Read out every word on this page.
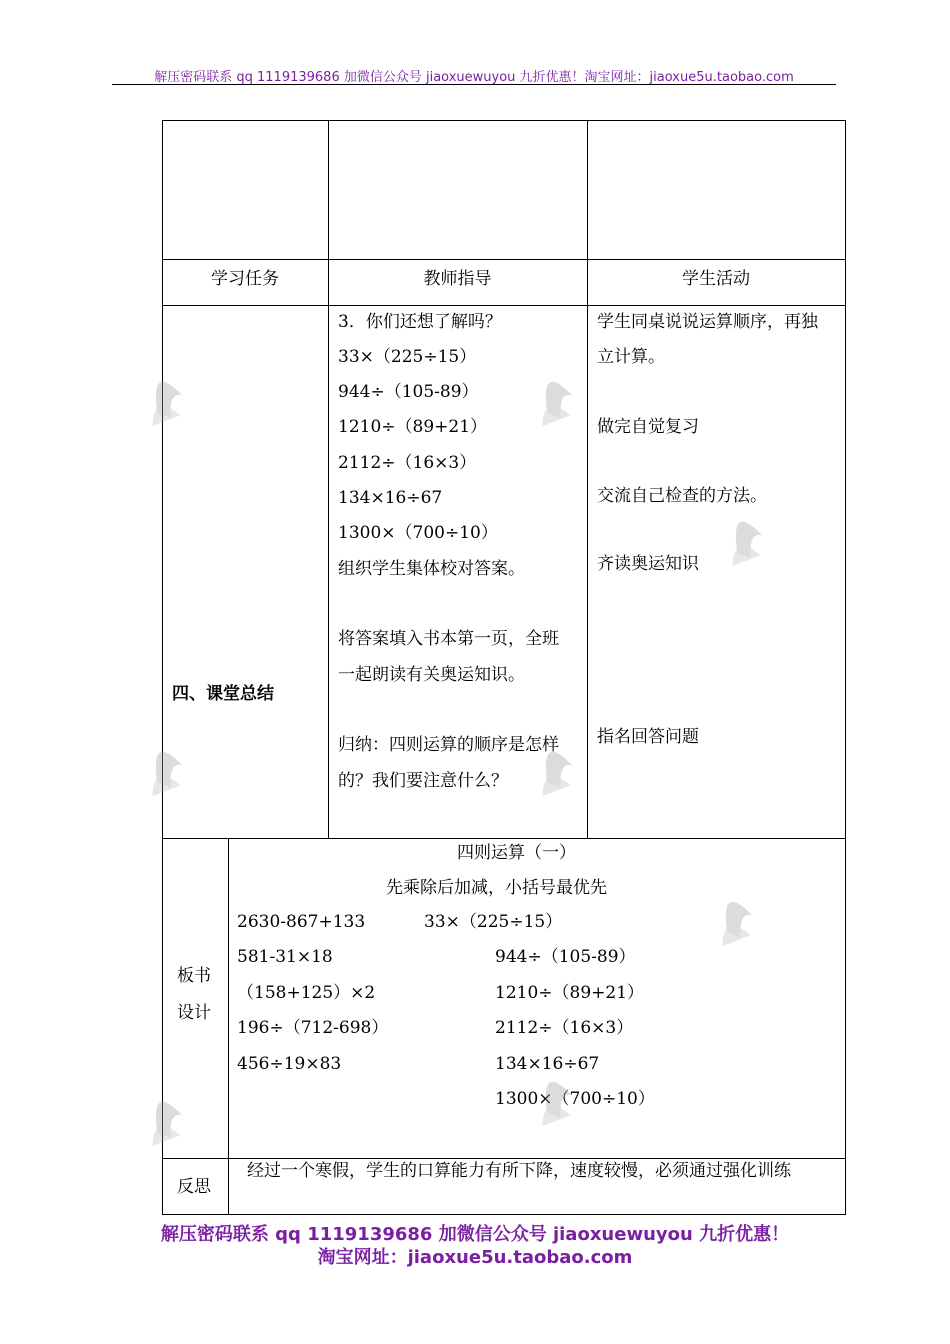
解压密码联系 qq 1119139686 加微信公众号 jiaoxuewuyou 九折优惠！淘宝网址：jiaoxue5u.taobao.com
学习任务	教师指导	学生活动
四、课堂总结
3．你们还想了解吗？
33×（225÷15）
944÷（105-89）
1210÷（89+21）
2112÷（16×3）
134×16÷67
1300×（700÷10）
组织学生集体校对答案。
将答案填入书本第一页，全班
一起朗读有关奥运知识。
归纳：四则运算的顺序是怎样
的？我们要注意什么？
学生同桌说说运算顺序，再独
立计算。
做完自觉复习
交流自己检查的方法。
齐读奥运知识
指名回答问题
板书
设计
四则运算（一）
先乘除后加减，小括号最优先
2630-867+133
581-31×18
（158+125）×2
196÷（712-698）
456÷19×83
33×（225÷15）
944÷（105-89）
1210÷（89+21）
2112÷（16×3）
134×16÷67
1300×（700÷10）
反思
经过一个寒假，学生的口算能力有所下降，速度较慢，必须通过强化训练
解压密码联系 qq 1119139686 加微信公众号 jiaoxuewuyou 九折优惠！
淘宝网址：jiaoxue5u.taobao.com
